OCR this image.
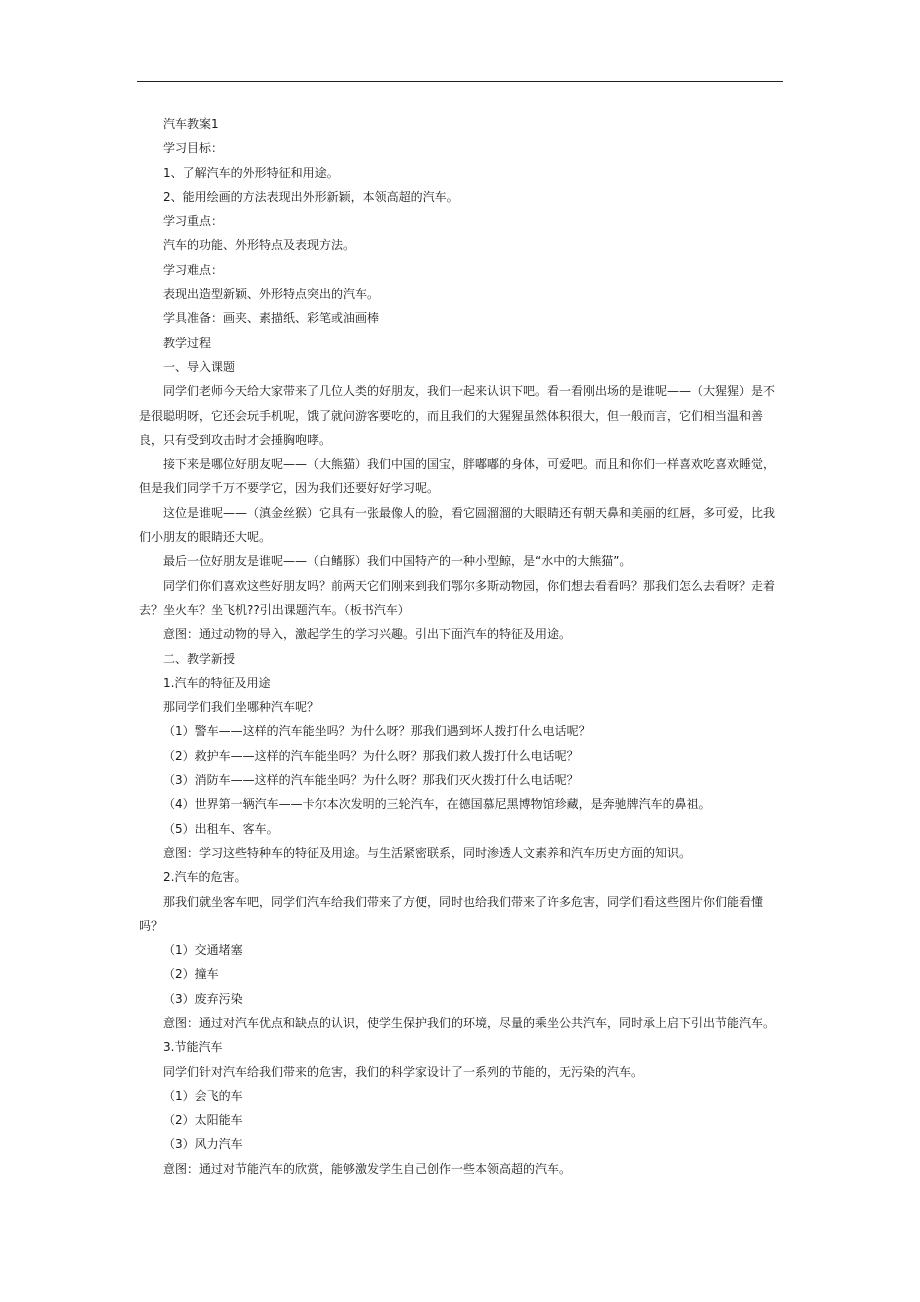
汽车教案1

学习目标：

1、了解汽车的外形特征和用途。

2、能用绘画的方法表现出外形新颖，本领高超的汽车。

学习重点：

汽车的功能、外形特点及表现方法。

学习难点：

表现出造型新颖、外形特点突出的汽车。

学具准备：画夹、素描纸、彩笔或油画棒

教学过程

一、导入课题

同学们老师今天给大家带来了几位人类的好朋友，我们一起来认识下吧。看一看刚出场的是谁呢——（大猩猩）是不是很聪明呀，它还会玩手机呢，饿了就问游客要吃的，而且我们的大猩猩虽然体积很大，但一般而言，它们相当温和善良，只有受到攻击时才会捶胸咆哮。

接下来是哪位好朋友呢——（大熊猫）我们中国的国宝，胖嘟嘟的身体，可爱吧。而且和你们一样喜欢吃喜欢睡觉，但是我们同学千万不要学它，因为我们还要好好学习呢。

这位是谁呢——（滇金丝猴）它具有一张最像人的脸，看它圆溜溜的大眼睛还有朝天鼻和美丽的红唇，多可爱，比我们小朋友的眼睛还大呢。

最后一位好朋友是谁呢——（白鳍豚）我们中国特产的一种小型鲸，是“水中的大熊猫”。

同学们你们喜欢这些好朋友吗？前两天它们刚来到我们鄂尔多斯动物园，你们想去看看吗？那我们怎么去看呀？走着去？坐火车？坐飞机??引出课题汽车。（板书汽车）

意图：通过动物的导入，激起学生的学习兴趣。引出下面汽车的特征及用途。

二、教学新授

1.汽车的特征及用途

那同学们我们坐哪种汽车呢？

（1）警车——这样的汽车能坐吗？为什么呀？那我们遇到坏人拨打什么电话呢？

（2）救护车——这样的汽车能坐吗？为什么呀？那我们救人拨打什么电话呢？

（3）消防车——这样的汽车能坐吗？为什么呀？那我们灭火拨打什么电话呢？

（4）世界第一辆汽车——卡尔本次发明的三轮汽车，在德国慕尼黑博物馆珍藏，是奔驰牌汽车的鼻祖。

（5）出租车、客车。

意图：学习这些特种车的特征及用途。与生活紧密联系，同时渗透人文素养和汽车历史方面的知识。

2.汽车的危害。

那我们就坐客车吧，同学们汽车给我们带来了方便，同时也给我们带来了许多危害，同学们看这些图片你们能看懂吗？

（1）交通堵塞

（2）撞车

（3）废弃污染

意图：通过对汽车优点和缺点的认识，使学生保护我们的环境，尽量的乘坐公共汽车，同时承上启下引出节能汽车。

3.节能汽车

同学们针对汽车给我们带来的危害，我们的科学家设计了一系列的节能的，无污染的汽车。

（1）会飞的车

（2）太阳能车

（3）风力汽车

意图：通过对节能汽车的欣赏，能够激发学生自己创作一些本领高超的汽车。
